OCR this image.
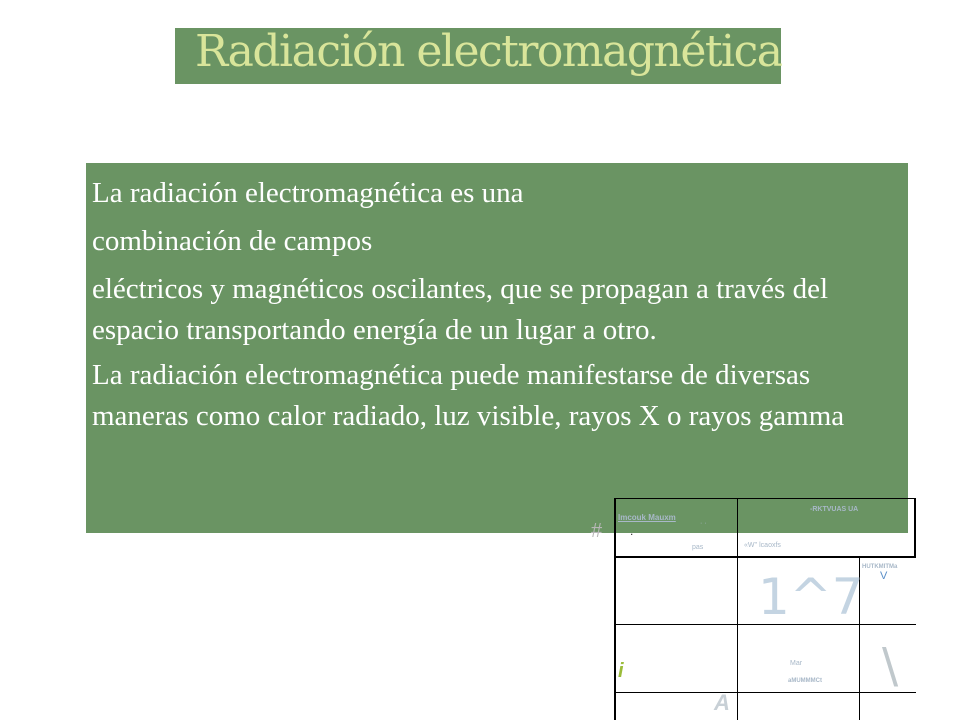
Radiación electromagnética

La radiación electromagnética es una

combinación de campos

eléctricos y magnéticos oscilantes, que se propagan a través del espacio transportando energía de un lugar a otro.

La radiación electromagnética puede manifestarse de diversas maneras como calor radiado, luz visible, rayos X o rayos gamma

#
lmcouk Mauxm
.
· ·
pas
-RKTVUAS UA
«W'' lcaoxfs
1^7
HUTKMITMa
V
i	Mar
aMUMMMCt \
A
